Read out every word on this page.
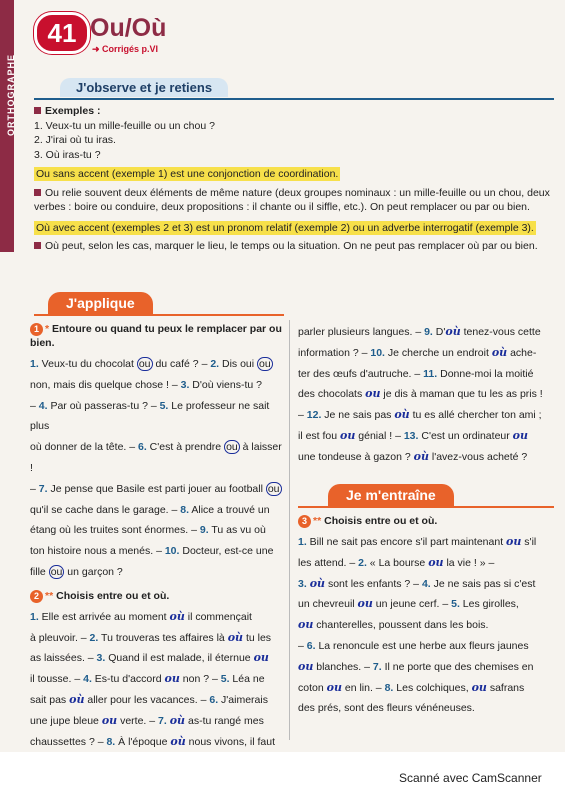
ORTHOGRAPHE
41 Ou/Où
➜ Corrigés p.VI
J'observe et je retiens
Exemples :
1. Veux-tu un mille-feuille ou un chou ?
2. J'irai où tu iras.
3. Où iras-tu ?
Ou sans accent (exemple 1) est une conjonction de coordination.
Ou relie souvent deux éléments de même nature (deux groupes nominaux : un mille-feuille ou un chou, deux verbes : boire ou conduire, deux propositions : il chante ou il siffle, etc.). On peut remplacer ou par ou bien.
Où avec accent (exemples 2 et 3) est un pronom relatif (exemple 2) ou un adverbe interrogatif (exemple 3).
Où peut, selon les cas, marquer le lieu, le temps ou la situation. On ne peut pas remplacer où par ou bien.
J'applique
1 * Entoure ou quand tu peux le remplacer par ou bien.
1. Veux-tu du chocolat ou du café ? – 2. Dis oui ou
non, mais dis quelque chose ! – 3. D'où viens-tu ?
– 4. Par où passeras-tu ? – 5. Le professeur ne sait plus
où donner de la tête. – 6. C'est à prendre ou à laisser !
– 7. Je pense que Basile est parti jouer au football ou
qu'il se cache dans le garage. – 8. Alice a trouvé un
étang où les truites sont énormes. – 9. Tu as vu où
ton histoire nous a menés. – 10. Docteur, est-ce une
fille ou un garçon ?
2 ** Choisis entre ou et où.
1. Elle est arrivée au moment où il commençait
à pleuvoir. – 2. Tu trouveras tes affaires là où tu les
as laissées. – 3. Quand il est malade, il éternue ou
il tousse. – 4. Es-tu d'accord ou non ? – 5. Léa ne
sait pas où aller pour les vacances. – 6. J'aimerais
une jupe bleue ou verte. – 7. où as-tu rangé mes
chaussettes ? – 8. À l'époque où nous vivons, il faut
parler plusieurs langues. – 9. D'où tenez-vous cette
information ? – 10. Je cherche un endroit où ache-
ter des œufs d'autruche. – 11. Donne-moi la moitié
des chocolats ou je dis à maman que tu les as pris !
– 12. Je ne sais pas où tu es allé chercher ton ami ;
il est fou ou génial ! – 13. C'est un ordinateur ou
une tondeuse à gazon ? où l'avez-vous acheté ?
Je m'entraîne
3 ** Choisis entre ou et où.
1. Bill ne sait pas encore s'il part maintenant ou s'il
les attend. – 2. « La bourse ou la vie ! » –
3. où sont les enfants ? – 4. Je ne sais pas si c'est
un chevreuil ou un jeune cerf. – 5. Les girolles,
ou chanterelles, poussent dans les bois.
– 6. La renoncule est une herbe aux fleurs jaunes
ou blanches. – 7. Il ne porte que des chemises en
coton ou en lin. – 8. Les colchiques, ou safrans
des prés, sont des fleurs vénéneuses.
Scanné avec CamScanner
